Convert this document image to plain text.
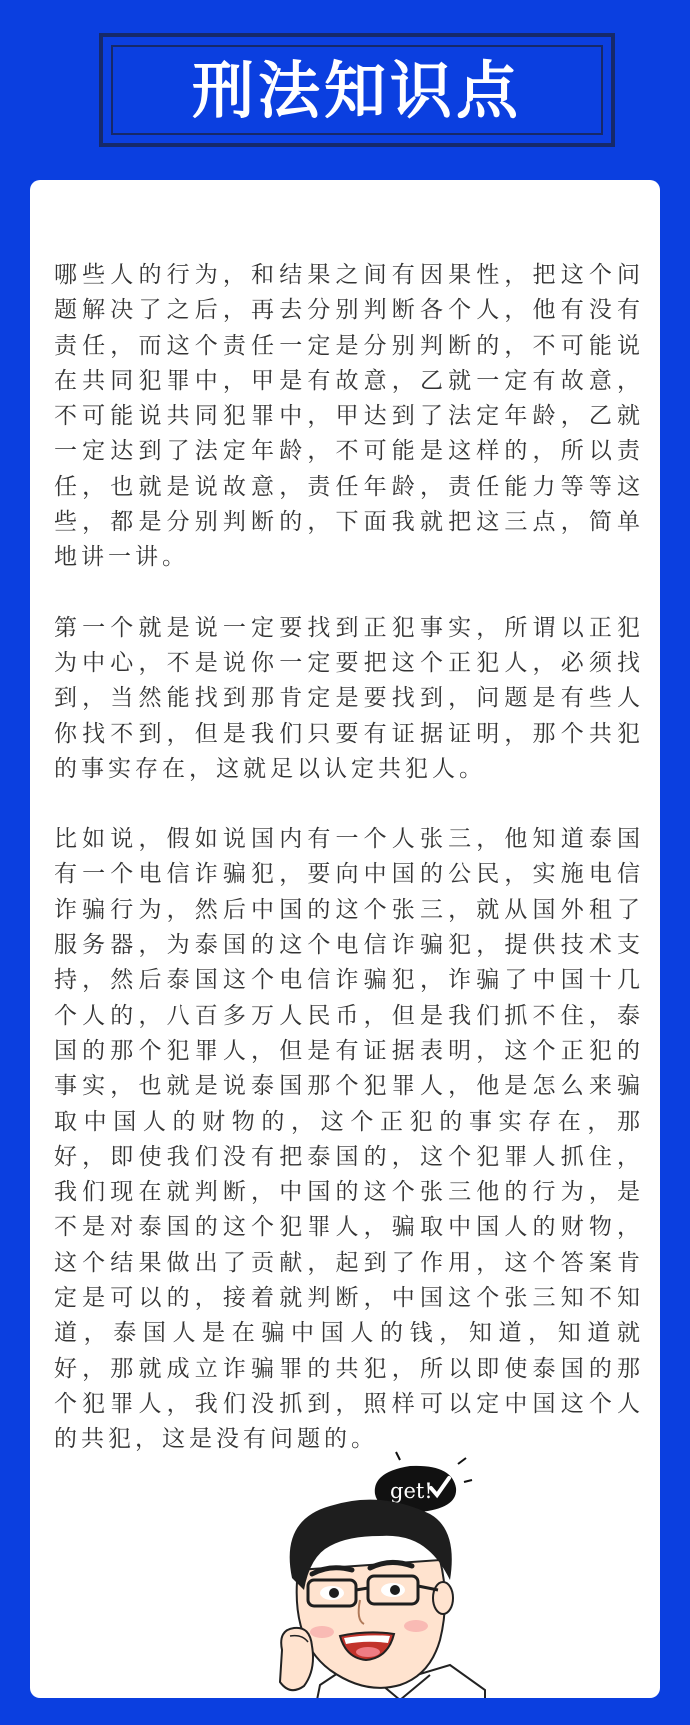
刑法知识点

哪些人的行为，和结果之间有因果性，把这个问题解决了之后，再去分别判断各个人，他有没有责任，而这个责任一定是分别判断的，不可能说在共同犯罪中，甲是有故意，乙就一定有故意，不可能说共同犯罪中，甲达到了法定年龄，乙就一定达到了法定年龄，不可能是这样的，所以责任，也就是说故意，责任年龄，责任能力等等这些，都是分别判断的，下面我就把这三点，简单地讲一讲。

第一个就是说一定要找到正犯事实，所谓以正犯为中心，不是说你一定要把这个正犯人，必须找到，当然能找到那肯定是要找到，问题是有些人你找不到，但是我们只要有证据证明，那个共犯的事实存在，这就足以认定共犯人。

比如说，假如说国内有一个人张三，他知道泰国有一个电信诈骗犯，要向中国的公民，实施电信诈骗行为，然后中国的这个张三，就从国外租了服务器，为泰国的这个电信诈骗犯，提供技术支持，然后泰国这个电信诈骗犯，诈骗了中国十几个人的，八百多万人民币，但是我们抓不住，泰国的那个犯罪人，但是有证据表明，这个正犯的事实，也就是说泰国那个犯罪人，他是怎么来骗取中国人的财物的，这个正犯的事实存在，那好，即使我们没有把泰国的，这个犯罪人抓住，我们现在就判断，中国的这个张三他的行为，是不是对泰国的这个犯罪人，骗取中国人的财物，这个结果做出了贡献，起到了作用，这个答案肯定是可以的，接着就判断，中国这个张三知不知道，泰国人是在骗中国人的钱，知道，知道就好，那就成立诈骗罪的共犯，所以即使泰国的那个犯罪人，我们没抓到，照样可以定中国这个人的共犯，这是没有问题的。

get!
